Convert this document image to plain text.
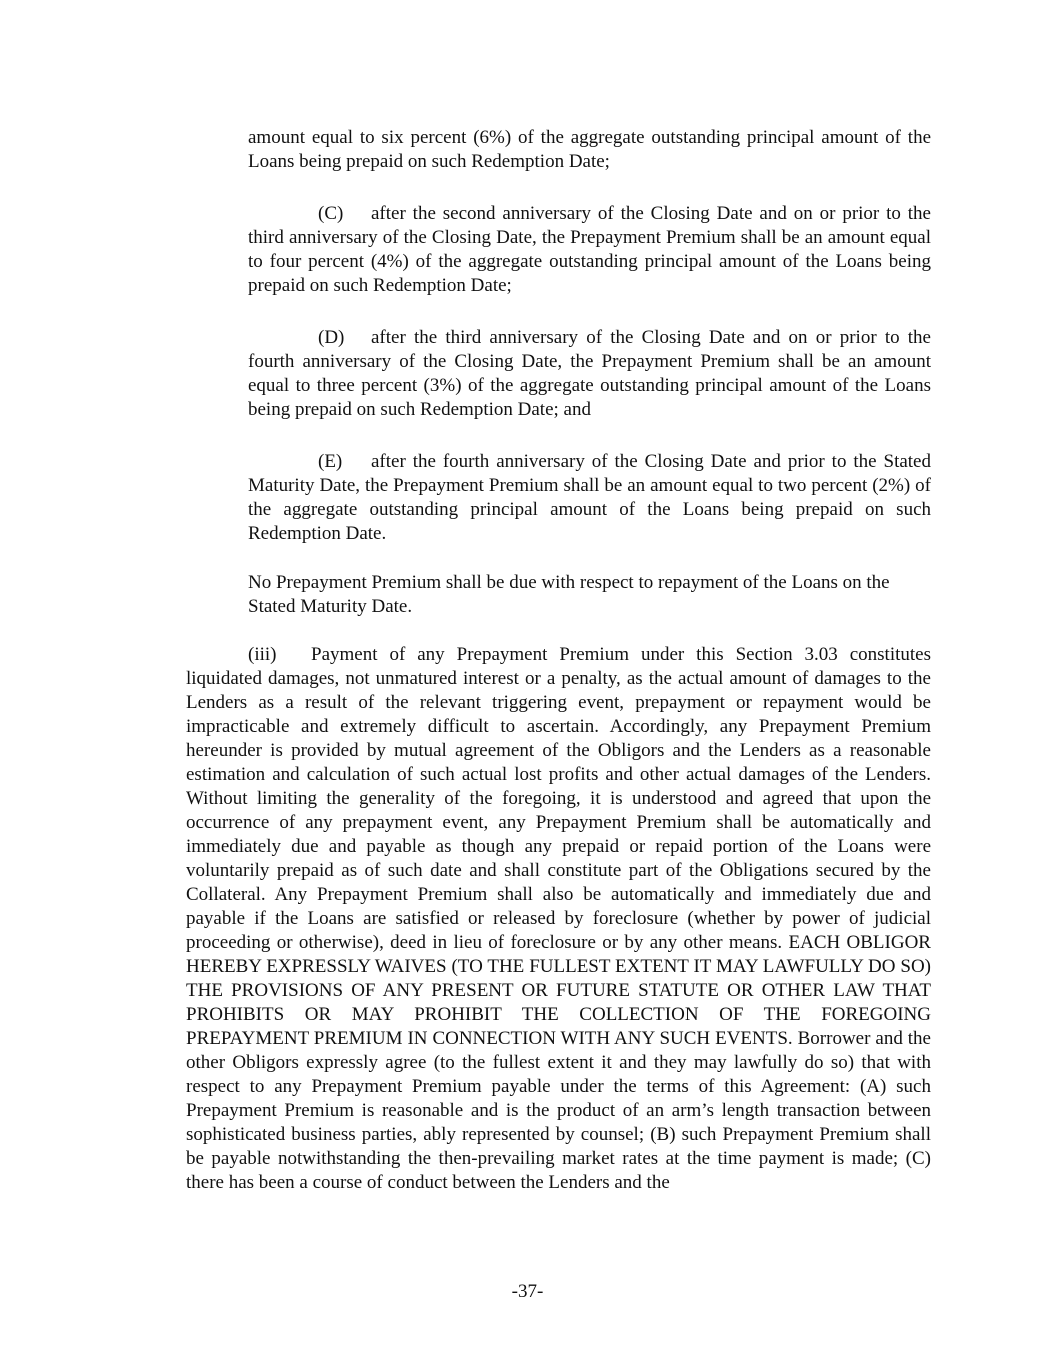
amount equal to six percent (6%) of the aggregate outstanding principal amount of the Loans being prepaid on such Redemption Date;

(C) after the second anniversary of the Closing Date and on or prior to the third anniversary of the Closing Date, the Prepayment Premium shall be an amount equal to four percent (4%) of the aggregate outstanding principal amount of the Loans being prepaid on such Redemption Date;

(D) after the third anniversary of the Closing Date and on or prior to the fourth anniversary of the Closing Date, the Prepayment Premium shall be an amount equal to three percent (3%) of the aggregate outstanding principal amount of the Loans being prepaid on such Redemption Date; and

(E) after the fourth anniversary of the Closing Date and prior to the Stated Maturity Date, the Prepayment Premium shall be an amount equal to two percent (2%) of the aggregate outstanding principal amount of the Loans being prepaid on such Redemption Date.

No Prepayment Premium shall be due with respect to repayment of the Loans on the Stated Maturity Date.

(iii) Payment of any Prepayment Premium under this Section 3.03 constitutes liquidated damages, not unmatured interest or a penalty, as the actual amount of damages to the Lenders as a result of the relevant triggering event, prepayment or repayment would be impracticable and extremely difficult to ascertain. Accordingly, any Prepayment Premium hereunder is provided by mutual agreement of the Obligors and the Lenders as a reasonable estimation and calculation of such actual lost profits and other actual damages of the Lenders. Without limiting the generality of the foregoing, it is understood and agreed that upon the occurrence of any prepayment event, any Prepayment Premium shall be automatically and immediately due and payable as though any prepaid or repaid portion of the Loans were voluntarily prepaid as of such date and shall constitute part of the Obligations secured by the Collateral. Any Prepayment Premium shall also be automatically and immediately due and payable if the Loans are satisfied or released by foreclosure (whether by power of judicial proceeding or otherwise), deed in lieu of foreclosure or by any other means. EACH OBLIGOR HEREBY EXPRESSLY WAIVES (TO THE FULLEST EXTENT IT MAY LAWFULLY DO SO) THE PROVISIONS OF ANY PRESENT OR FUTURE STATUTE OR OTHER LAW THAT PROHIBITS OR MAY PROHIBIT THE COLLECTION OF THE FOREGOING PREPAYMENT PREMIUM IN CONNECTION WITH ANY SUCH EVENTS. Borrower and the other Obligors expressly agree (to the fullest extent it and they may lawfully do so) that with respect to any Prepayment Premium payable under the terms of this Agreement: (A) such Prepayment Premium is reasonable and is the product of an arm’s length transaction between sophisticated business parties, ably represented by counsel; (B) such Prepayment Premium shall be payable notwithstanding the then-prevailing market rates at the time payment is made; (C) there has been a course of conduct between the Lenders and the

-37-
